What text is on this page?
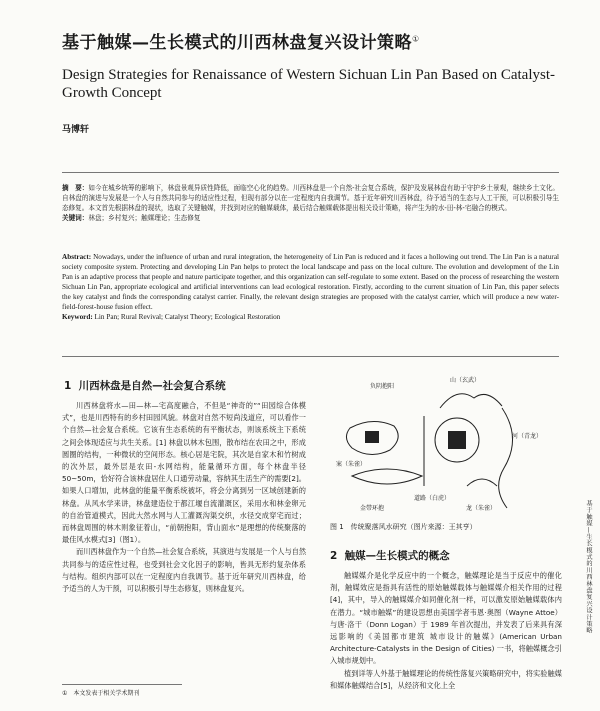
基于触媒—生长模式的川西林盘复兴设计策略①
Design Strategies for Renaissance of Western Sichuan Lin Pan Based on Catalyst-Growth Concept
马博轩
摘　要：如今在城乡统筹的影响下，林盘景观异质性降低，面临空心化的趋势。川西林盘是一个自然-社会复合系统，保护及发展林盘有助于守护乡土景观，继续乡土文化。自林盘的演进与发展是一个人与自然共同参与的适应性过程，但现有部分以在一定程度内自我调节。基于近年研究川西林盘，待予适当的生态与人工干预，可以积极引导生态修复。本文首先根据林盘的现状，选取了关键触媒，并找到对应的触媒载体，最后结合触媒载体提出相关设计策略，将产生为的水-田-林-宅融合的模式。
关键词：林盘；乡村复兴；触媒理论；生态修复
Abstract: Nowadays, under the influence of urban and rural integration, the heterogeneity of Lin Pan is reduced and it faces a hollowing out trend. The Lin Pan is a natural society composite system. Protecting and developing Lin Pan helps to protect the local landscape and pass on the local culture. The evolution and development of the Lin Pan is an adaptive process that people and nature participate together, and this organization can self-regulate to some extent. Based on the process of researching the western Sichuan Lin Pan, appropriate ecological and artificial interventions can lead ecological restoration. Firstly, according to the current situation of Lin Pan, this paper selects the key catalyst and finds the corresponding catalyst carrier. Finally, the relevant design strategies are proposed with the catalyst carrier, which will produce a new water-field-forest-house fusion effect.
Keyword: Lin Pan; Rural Revival; Catalyst Theory; Ecological Restoration
1 川西林盘是自然—社会复合系统

川西林盘将水—田—林—宅高度融合，不但是“神奇的”“田园综合体模式”，也是川西特有的乡村田园风貌。林盘对自然不短尚浅道应，可以看作一个自然—社会复合系统。它该有生态系统的有平衡状态，则该系统主下系统之间会体现适应与共生关系。[1] 林盘以林木包围，散布结在农田之中，形成圆圈的结构，一种微状的空间形态。核心居是宅院，其次是自家木和竹树成的次外层，最外层是农田-水网结构，能量循环方面，每个林盘半径50~50m，恰好符合该林盘居住人口通劳动量，容纳其生活生产的需要[2]。如果人口增加，此林盘的能量平衡系统被坏，将会分离到另一区域创建新的林盘。从风水学来讲，林盘建造位于都江堰自流灌溉区，采用水和林金卵元的自治管道模式，因此大然水网与人工灌溉沟渠交织，水径交成穿宅而过；而林盘周围的林木则象征着山，“前朝抱阳，背山面水”是理想的传统聚落的最佳风水模式[3]（图1）。

而川西林盘作为一个自然—社会复合系统，其演进与发展是一个人与自然共同参与的适应性过程，也受到社会文化因子的影响，皆具无形约复杂体系与结构。组织内部可以在一定程度内自我调节。基于近年研究川西林盘，给予适当的人为干预，可以积极引导生态修复，则林盘复兴。

负阴抱阳
山（玄武）
案（朱雀）
道路（白虎）
河（青龙）
金带环抱	龙（朱雀）
图 1　传统聚落风水研究（图片来源：王其亨）
2 触媒—生长模式的概念

触媒媒介是化学反应中的一个概念，触媒理论是当于反应中的催化剂，触媒效应是指具有活性的原始触媒载体与触媒媒介相关作用的过程[4]，其中，导入的触媒媒介如同催化剂一样，可以激发原始触媒载体内在潜力。“城市触媒”的建设思想由美国学者韦恩·奥图（Wayne Attoe）与唐·洛干（Donn Logan）于 1989 年首次提出，并发表了后来具有深远影响的《美国都市建筑 城市设计的触媒》(American Urban Architecture-Catalysts in the Design of Cities) 一书，将触媒概念引入城市规划中。

植到详等人外基于触媒理论的传统性落复兴策略研究中，将实验触媒和媒体触媒结合[5]，从经济和文化上全

①　本文发表于相关学术期刊
基于触媒—生长模式的川西林盘复兴设计策略
